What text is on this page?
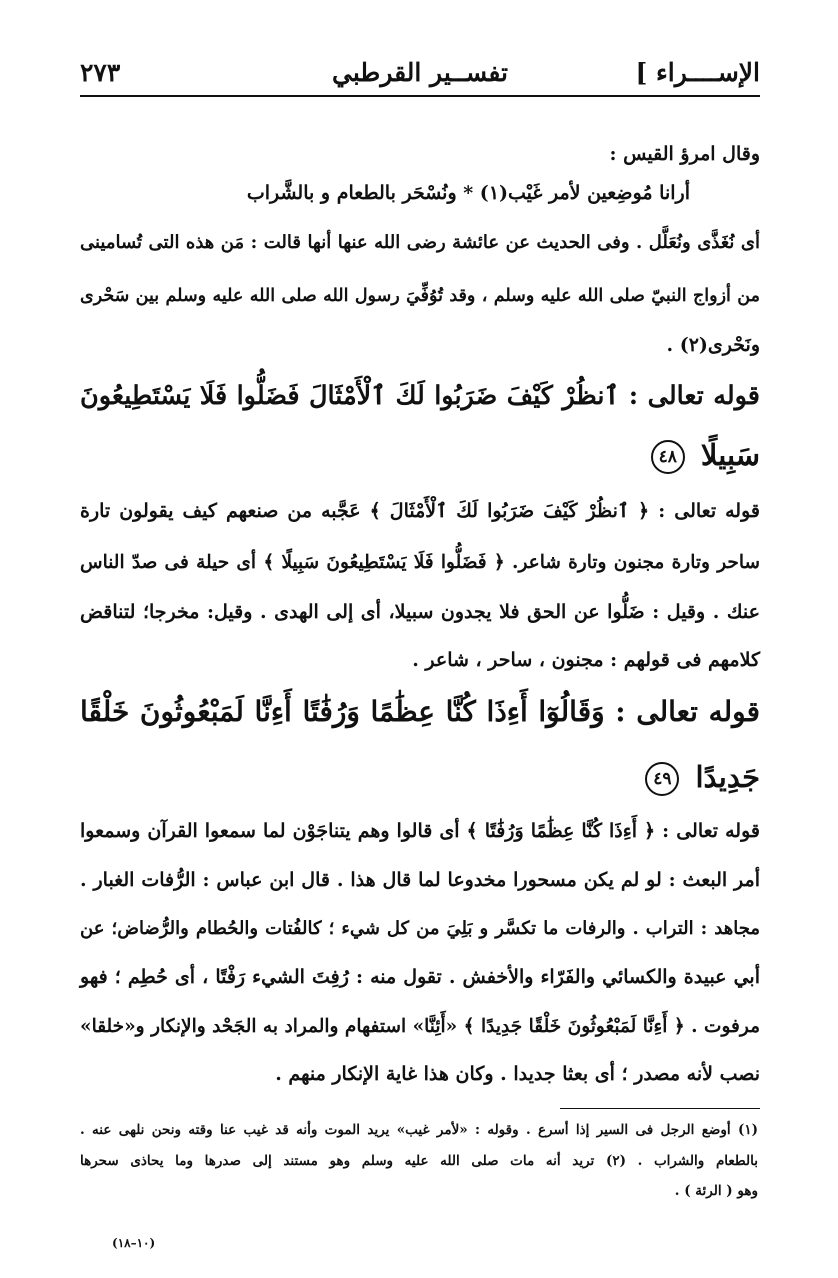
الإســــراء ]
تفســير القرطبي
٢٧٣
وقال امرؤ القيس :
أرانا مُوضِعين لأمر غَيْب(١) * ونُسْحَر بالطعام و بالشَّراب
أى نُغَذَّى ونُعَلَّل . وفى الحديث عن عائشة رضى الله عنها أنها قالت : مَن هذه التى تُسامينى
من أزواج النبيّ صلى الله عليه وسلم ، وقد تُوُفِّيَ رسول الله صلى الله عليه وسلم بين سَحْرى
ونَحْرى(٢) .
قوله تعالى : ٱنظُرْ كَيْفَ ضَرَبُوا لَكَ ٱلْأَمْثَالَ فَضَلُّوا فَلَا يَسْتَطِيعُونَ
سَبِيلًا ٤٨
قوله تعالى : ﴿ ٱنظُرْ كَيْفَ ضَرَبُوا لَكَ ٱلْأَمْثَالَ ﴾ عَجَّبه من صنعهم كيف يقولون تارة
ساحر وتارة مجنون وتارة شاعر. ﴿ فَضَلُّوا فَلَا يَسْتَطِيعُونَ سَبِيلًا ﴾ أى حيلة فى صدّ الناس
عنك . وقيل : ضَلُّوا عن الحق فلا يجدون سبيلا، أى إلى الهدى . وقيل: مخرجا؛ لتناقض
كلامهم فى قولهم : مجنون ، ساحر ، شاعر .
قوله تعالى : وَقَالُوٓا أَءِذَا كُنَّا عِظَٰمًا وَرُفَٰتًا أَءِنَّا لَمَبْعُوثُونَ خَلْقًا
جَدِيدًا ٤٩
قوله تعالى : ﴿ أَءِذَا كُنَّا عِظَٰمًا وَرُفَٰتًا ﴾ أى قالوا وهم يتناجَوْن لما سمعوا القرآن وسمعوا
أمر البعث : لو لم يكن مسحورا مخدوعا لما قال هذا . قال ابن عباس : الرُّفات الغبار .
مجاهد : التراب . والرفات ما تكسَّر و بَلِيَ من كل شيء ؛ كالفُتات والحُطام والرُّضاض؛ عن
أبي عبيدة والكسائي والفَرّاء والأخفش . تقول منه : رُفِتَ الشيء رَفْتًا ، أى حُطِم ؛ فهو
مرفوت . ﴿ أَءِنَّا لَمَبْعُوثُونَ خَلْقًا جَدِيدًا ﴾ «أَئِنَّا» استفهام والمراد به الجَحْد والإنكار و«خلقا»
نصب لأنه مصدر ؛ أى بعثا جديدا . وكان هذا غاية الإنكار منهم .
(١) أوضع الرجل فى السير إذا أسرع . وقوله : «لأمر غيب» يريد الموت وأنه قد غيب عنا وقته ونحن نلهى عنه .
بالطعام والشراب . (٢) تريد أنه مات صلى الله عليه وسلم وهو مستند إلى صدرها وما يحاذى سحرها
وهو ( الرئة ) .
(١٠–١٨)
